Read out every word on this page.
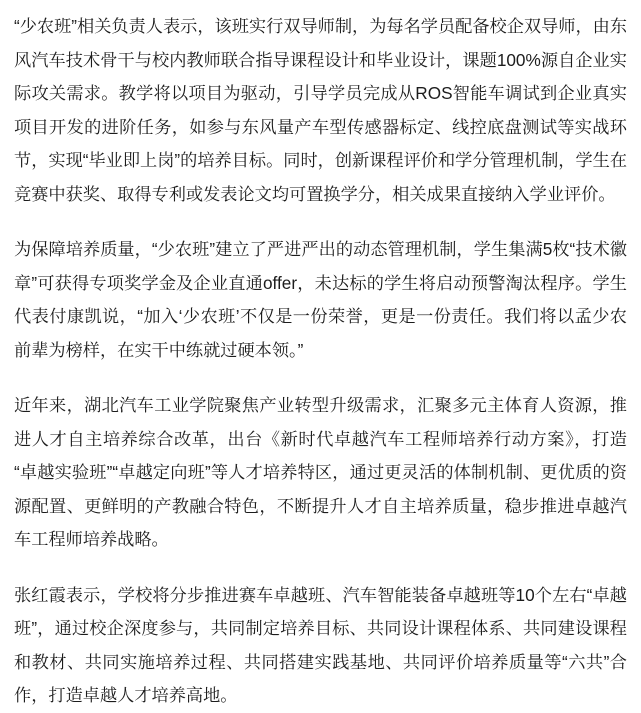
“少农班”相关负责人表示，该班实行双导师制，为每名学员配备校企双导师，由东风汽车技术骨干与校内教师联合指导课程设计和毕业设计，课题100%源自企业实际攻关需求。教学将以项目为驱动，引导学员完成从ROS智能车调试到企业真实项目开发的进阶任务，如参与东风量产车型传感器标定、线控底盘测试等实战环节，实现“毕业即上岗”的培养目标。同时，创新课程评价和学分管理机制，学生在竞赛中获奖、取得专利或发表论文均可置换学分，相关成果直接纳入学业评价。

为保障培养质量，“少农班”建立了严进严出的动态管理机制，学生集满5枚“技术徽章”可获得专项奖学金及企业直通offer，未达标的学生将启动预警淘汰程序。学生代表付康凯说，“加入‘少农班’不仅是一份荣誉，更是一份责任。我们将以孟少农前辈为榜样，在实干中练就过硬本领。”

近年来，湖北汽车工业学院聚焦产业转型升级需求，汇聚多元主体育人资源，推进人才自主培养综合改革，出台《新时代卓越汽车工程师培养行动方案》，打造“卓越实验班”“卓越定向班”等人才培养特区，通过更灵活的体制机制、更优质的资源配置、更鲜明的产教融合特色，不断提升人才自主培养质量，稳步推进卓越汽车工程师培养战略。

张红霞表示，学校将分步推进赛车卓越班、汽车智能装备卓越班等10个左右“卓越班”，通过校企深度参与，共同制定培养目标、共同设计课程体系、共同建设课程和教材、共同实施培养过程、共同搭建实践基地、共同评价培养质量等“六共”合作，打造卓越人才培养高地。
